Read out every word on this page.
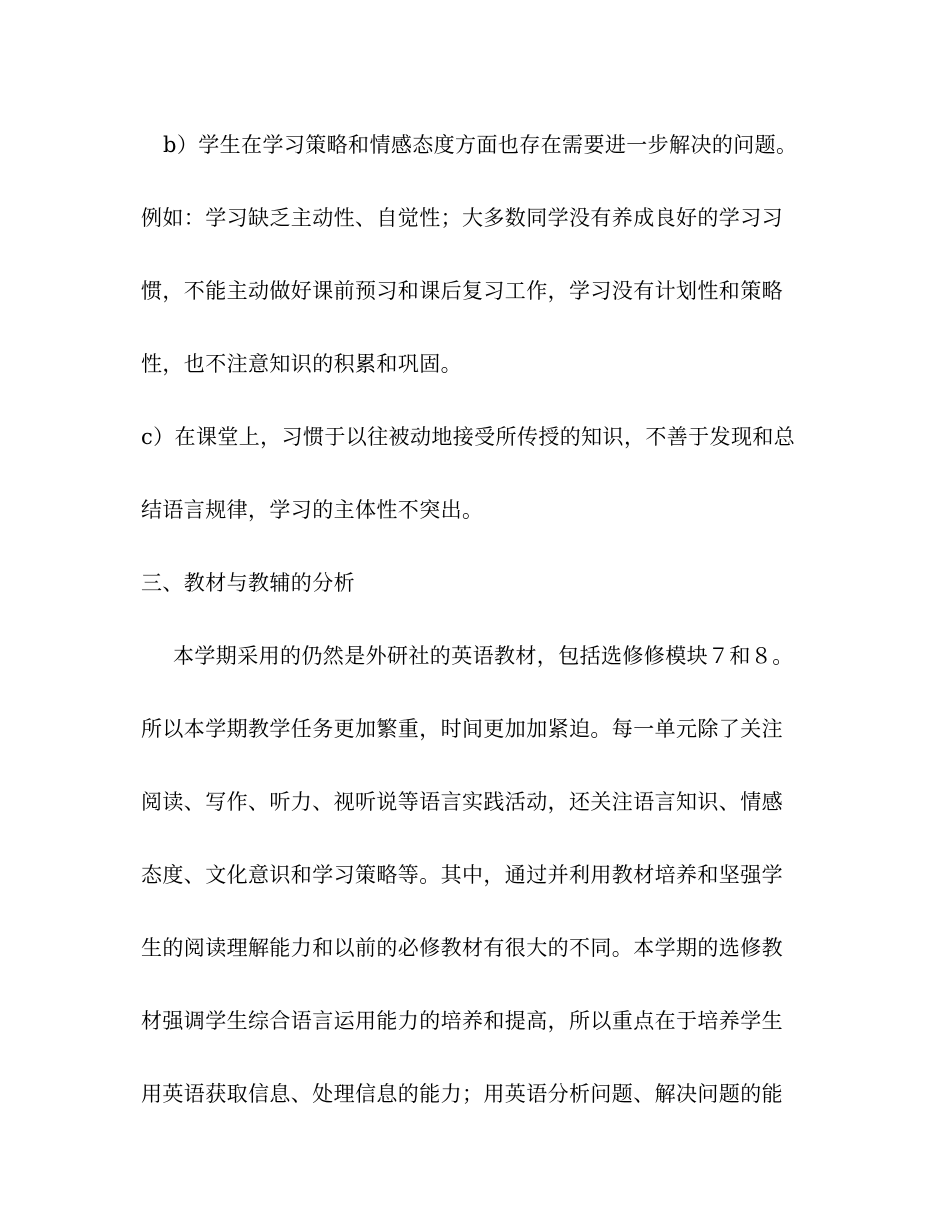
b）学生在学习策略和情感态度方面也存在需要进一步解决的问题。
例如：学习缺乏主动性、自觉性；大多数同学没有养成良好的学习习
惯，不能主动做好课前预习和课后复习工作，学习没有计划性和策略
性，也不注意知识的积累和巩固。
c）在课堂上，习惯于以往被动地接受所传授的知识，不善于发现和总
结语言规律，学习的主体性不突出。
三、教材与教辅的分析
本学期采用的仍然是外研社的英语教材，包括选修修模块７和８。
所以本学期教学任务更加繁重，时间更加加紧迫。每一单元除了关注
阅读、写作、听力、视听说等语言实践活动，还关注语言知识、情感
态度、文化意识和学习策略等。其中，通过并利用教材培养和坚强学
生的阅读理解能力和以前的必修教材有很大的不同。本学期的选修教
材强调学生综合语言运用能力的培养和提高，所以重点在于培养学生
用英语获取信息、处理信息的能力；用英语分析问题、解决问题的能
